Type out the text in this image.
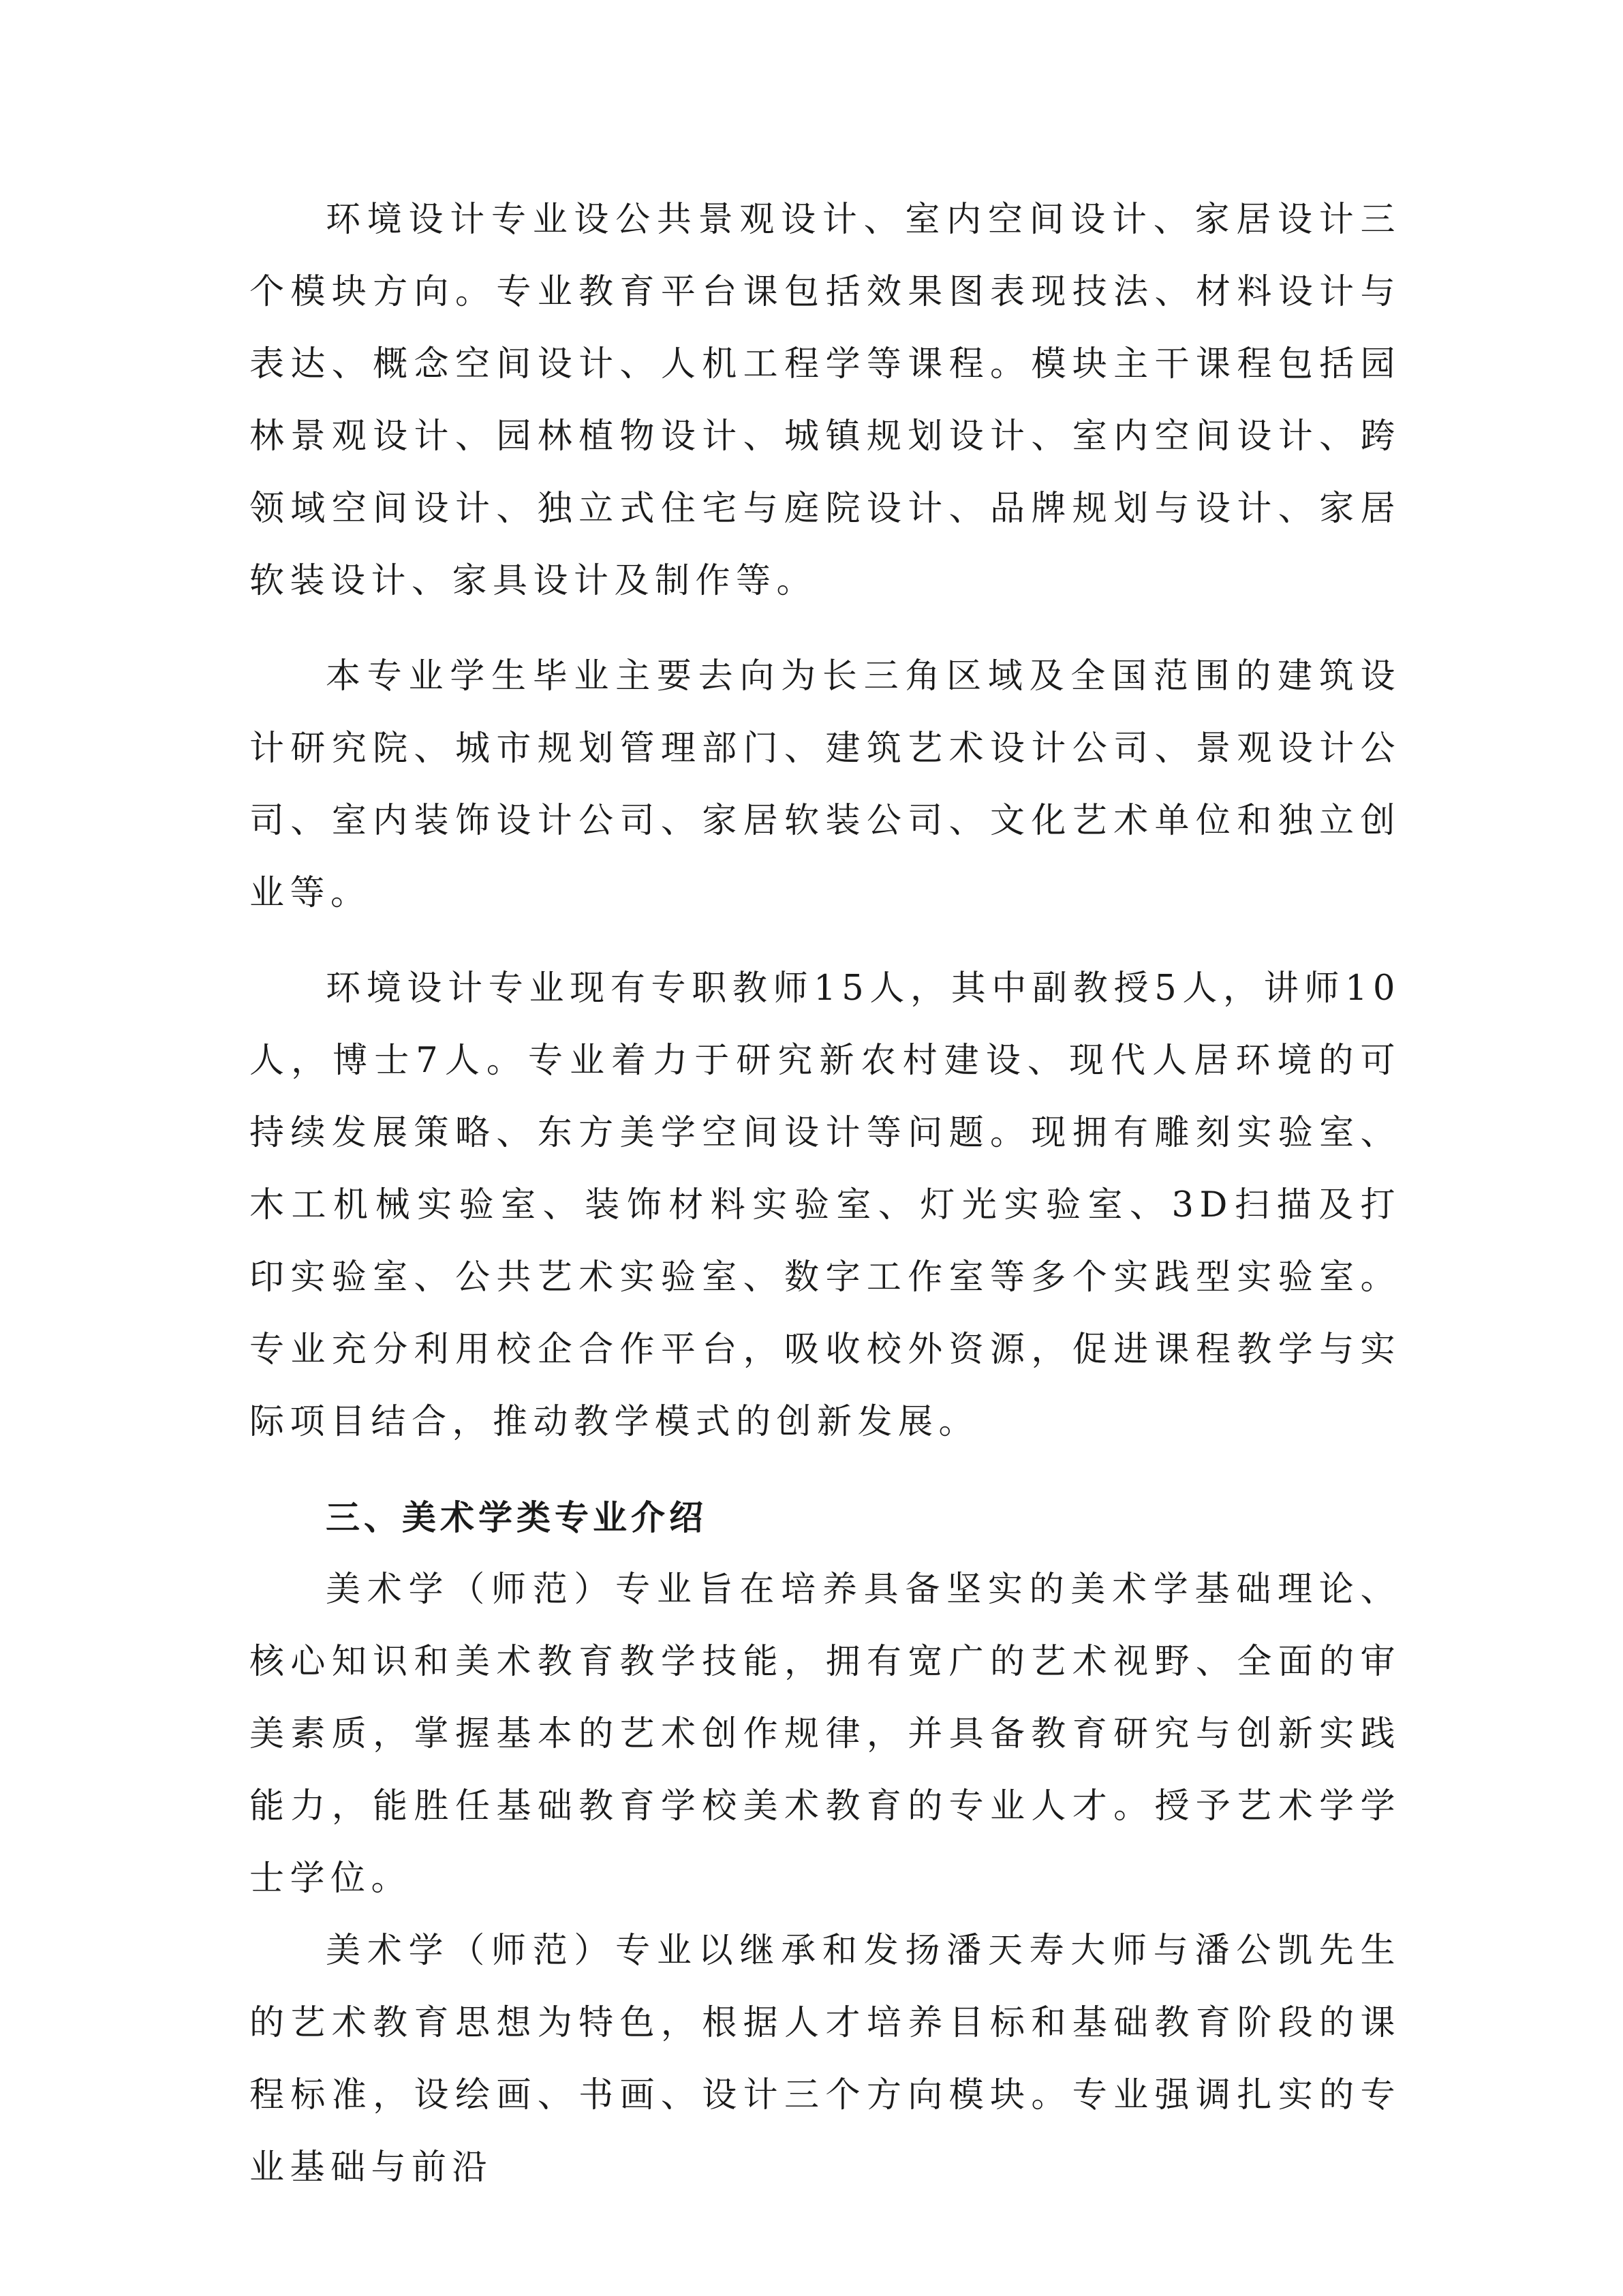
环境设计专业设公共景观设计、室内空间设计、家居设计三个模块方向。专业教育平台课包括效果图表现技法、材料设计与表达、概念空间设计、人机工程学等课程。模块主干课程包括园林景观设计、园林植物设计、城镇规划设计、室内空间设计、跨领域空间设计、独立式住宅与庭院设计、品牌规划与设计、家居软装设计、家具设计及制作等。

本专业学生毕业主要去向为长三角区域及全国范围的建筑设计研究院、城市规划管理部门、建筑艺术设计公司、景观设计公司、室内装饰设计公司、家居软装公司、文化艺术单位和独立创业等。

环境设计专业现有专职教师15人，其中副教授5人，讲师10人，博士7人。专业着力于研究新农村建设、现代人居环境的可持续发展策略、东方美学空间设计等问题。现拥有雕刻实验室、木工机械实验室、装饰材料实验室、灯光实验室、3D扫描及打印实验室、公共艺术实验室、数字工作室等多个实践型实验室。专业充分利用校企合作平台，吸收校外资源，促进课程教学与实际项目结合，推动教学模式的创新发展。

三、美术学类专业介绍

美术学（师范）专业旨在培养具备坚实的美术学基础理论、核心知识和美术教育教学技能，拥有宽广的艺术视野、全面的审美素质，掌握基本的艺术创作规律，并具备教育研究与创新实践能力，能胜任基础教育学校美术教育的专业人才。授予艺术学学士学位。

美术学（师范）专业以继承和发扬潘天寿大师与潘公凯先生的艺术教育思想为特色，根据人才培养目标和基础教育阶段的课程标准，设绘画、书画、设计三个方向模块。专业强调扎实的专业基础与前沿
